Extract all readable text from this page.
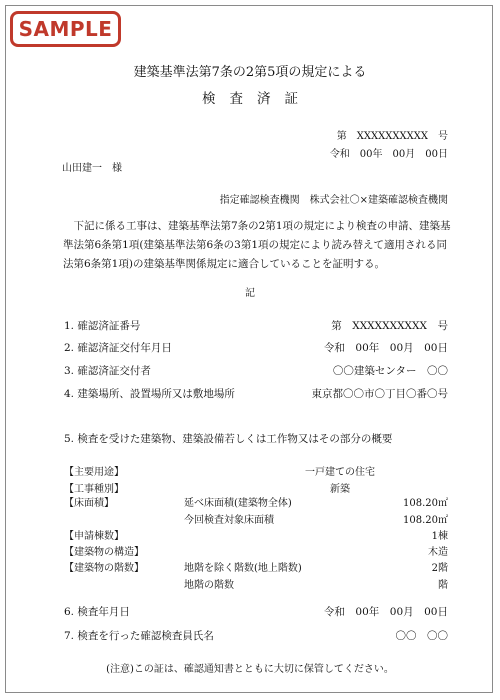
SAMPLE
建築基準法第7条の2第5項の規定による
検査済証
第　XXXXXXXXXX　号
令和　00年　00月　00日
山田建一　様
指定確認検査機関　株式会社〇×建築確認検査機関
下記に係る工事は、建築基準法第7条の2第1項の規定により検査の申請、建築基準法第6条第1項(建築基準法第6条の3第1項の規定により読み替えて適用される同法第6条第1項)の建築基準関係規定に適合していることを証明する。
記
1. 確認済証番号	第　XXXXXXXXXX　号
2. 確認済証交付年月日	令和　00年　00月　00日
3. 確認済証交付者	〇〇建築センター　〇〇
4. 建築場所、設置場所又は敷地場所	東京都〇〇市〇丁目〇番〇号
5. 検査を受けた建築物、建築設備若しくは工作物又はその部分の概要
【主要用途】	一戸建ての住宅
【工事種別】	新築
【床面積】	延べ床面積(建築物全体)	108.20㎡
今回検査対象床面積	108.20㎡
【申請棟数】	1棟
【建築物の構造】	木造
【建築物の階数】	地階を除く階数(地上階数)	2階
地階の階数	階
6. 検査年月日	令和　00年　00月　00日
7. 検査を行った確認検査員氏名	〇〇　〇〇
(注意)この証は、確認通知書とともに大切に保管してください。
